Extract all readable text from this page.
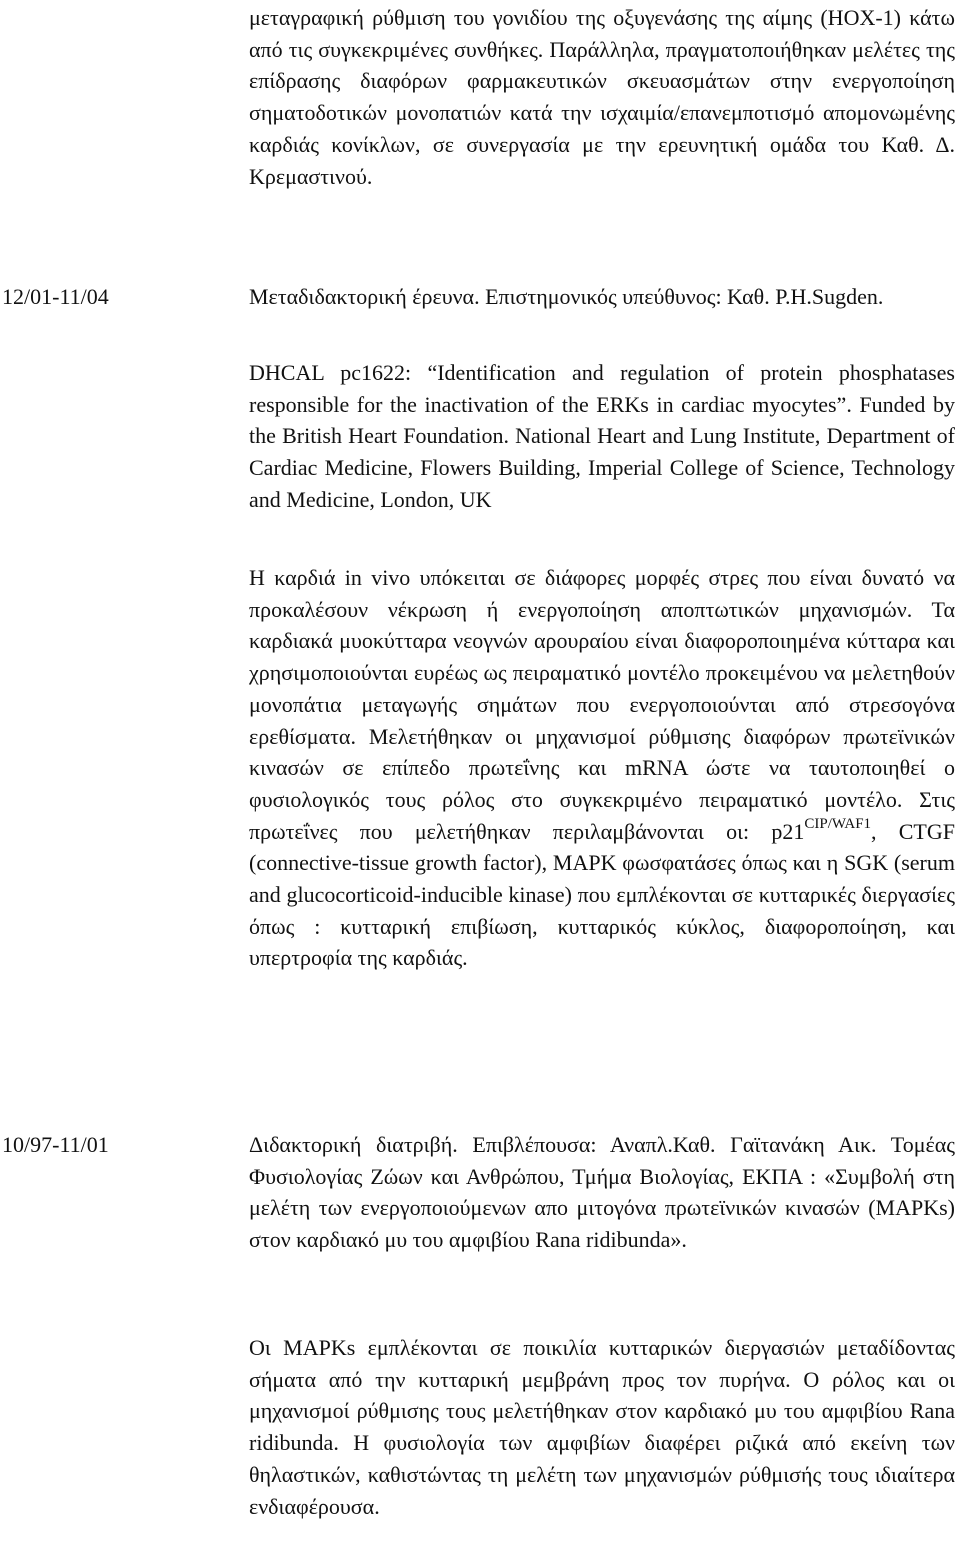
μεταγραφική ρύθμιση του γονιδίου της οξυγενάσης της αίμης (HOX-1) κάτω από τις συγκεκριμένες συνθήκες. Παράλληλα, πραγματοποιήθηκαν μελέτες της επίδρασης διαφόρων φαρμακευτικών σκευασμάτων στην ενεργοποίηση σηματοδοτικών μονοπατιών κατά την ισχαιμία/επανεμποτισμό απομονωμένης καρδιάς κονίκλων, σε συνεργασία με την ερευνητική ομάδα του Καθ. Δ. Κρεμαστινού.

12/01-11/04	Μεταδιδακτορική έρευνα. Επιστημονικός υπεύθυνος: Καθ. P.H.Sugden.

DHCAL pc1622: “Identification and regulation of protein phosphatases responsible for the inactivation of the ERKs in cardiac myocytes”. Funded by the British Heart Foundation. National Heart and Lung Institute, Department of Cardiac Medicine, Flowers Building, Imperial College of Science, Technology and Medicine, London, UK

Η καρδιά in vivo υπόκειται σε διάφορες μορφές στρες που είναι δυνατό να προκαλέσουν νέκρωση ή ενεργοποίηση αποπτωτικών μηχανισμών. Τα καρδιακά μυοκύτταρα νεογνών αρουραίου είναι διαφοροποιημένα κύτταρα και χρησιμοποιούνται ευρέως ως πειραματικό μοντέλο προκειμένου να μελετηθούν μονοπάτια μεταγωγής σημάτων που ενεργοποιούνται από στρεσογόνα ερεθίσματα. Μελετήθηκαν οι μηχανισμοί ρύθμισης διαφόρων πρωτεϊνικών κινασών σε επίπεδο πρωτεΐνης και mRNA ώστε να ταυτοποιηθεί ο φυσιολογικός τους ρόλος στο συγκεκριμένο πειραματικό μοντέλο. Στις πρωτεΐνες που μελετήθηκαν περιλαμβάνονται οι: $p21^{CIP/WAF1}$, CTGF (connective-tissue growth factor), MAPK φωσφατάσες όπως και η SGK (serum and glucocorticoid-inducible kinase) που εμπλέκονται σε κυτταρικές διεργασίες όπως : κυτταρική επιβίωση, κυτταρικός κύκλος, διαφοροποίηση, και υπερτροφία της καρδιάς.

10/97-11/01	Διδακτορική διατριβή. Επιβλέπουσα: Αναπλ.Καθ. Γαϊτανάκη Αικ. Τομέας Φυσιολογίας Ζώων και Ανθρώπου, Τμήμα Βιολογίας, ΕΚΠΑ : «Συμβολή στη μελέτη των ενεργοποιούμενων απο μιτογόνα πρωτεϊνικών κινασών (MAPKs) στον καρδιακό μυ του αμφιβίου Rana ridibunda».

Οι MAPKs εμπλέκονται σε ποικιλία κυτταρικών διεργασιών μεταδίδοντας σήματα από την κυτταρική μεμβράνη προς τον πυρήνα. Ο ρόλος και οι μηχανισμοί ρύθμισης τους μελετήθηκαν στον καρδιακό μυ του αμφιβίου Rana ridibunda. Η φυσιολογία των αμφιβίων διαφέρει ριζικά από εκείνη των θηλαστικών, καθιστώντας τη μελέτη των μηχανισμών ρύθμισής τους ιδιαίτερα ενδιαφέρουσα.
